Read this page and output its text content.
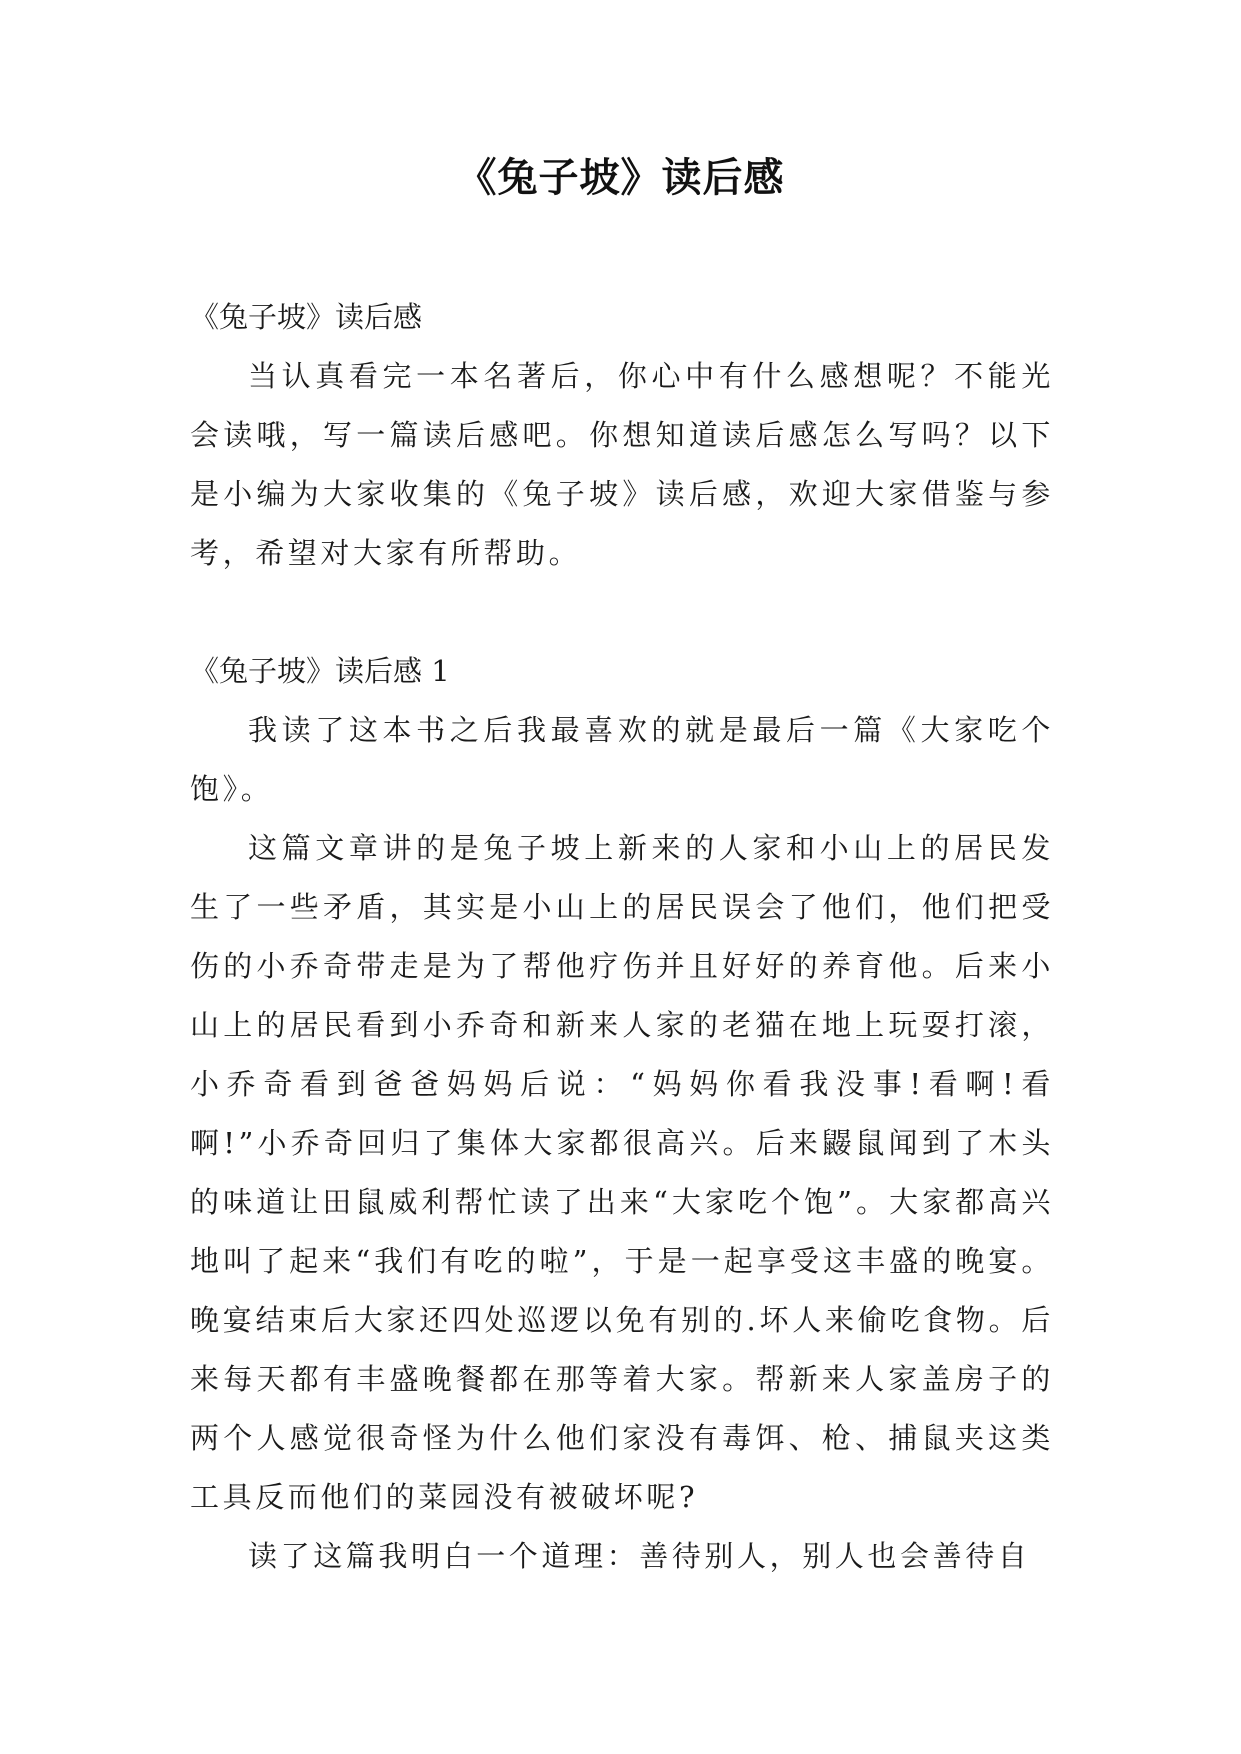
《兔子坡》读后感
《兔子坡》读后感

当认真看完一本名著后，你心中有什么感想呢？不能光会读哦，写一篇读后感吧。你想知道读后感怎么写吗？以下是小编为大家收集的《兔子坡》读后感，欢迎大家借鉴与参考，希望对大家有所帮助。

《兔子坡》读后感 1

我读了这本书之后我最喜欢的就是最后一篇《大家吃个饱》。

这篇文章讲的是兔子坡上新来的人家和小山上的居民发生了一些矛盾，其实是小山上的居民误会了他们，他们把受伤的小乔奇带走是为了帮他疗伤并且好好的养育他。后来小山上的居民看到小乔奇和新来人家的老猫在地上玩耍打滚，小乔奇看到爸爸妈妈后说：“妈妈你看我没事!看啊!看啊!”小乔奇回归了集体大家都很高兴。后来鼹鼠闻到了木头的味道让田鼠威利帮忙读了出来“大家吃个饱”。大家都高兴地叫了起来“我们有吃的啦”，于是一起享受这丰盛的晚宴。晚宴结束后大家还四处巡逻以免有别的.坏人来偷吃食物。后来每天都有丰盛晚餐都在那等着大家。帮新来人家盖房子的两个人感觉很奇怪为什么他们家没有毒饵、枪、捕鼠夹这类工具反而他们的菜园没有被破坏呢?

读了这篇我明白一个道理：善待别人，别人也会善待自
